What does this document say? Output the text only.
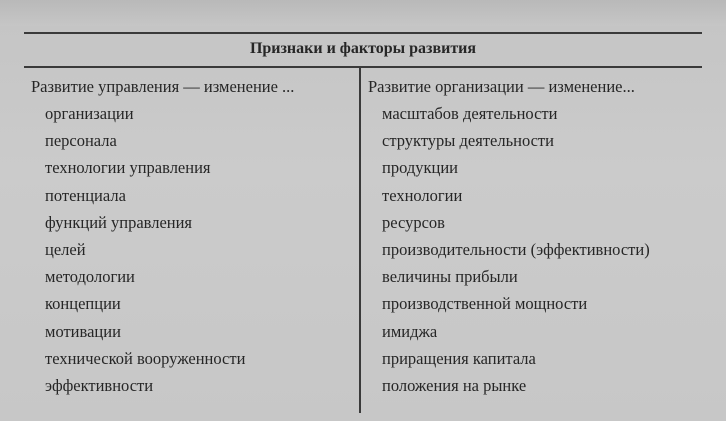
Признаки и факторы развития
Развитие управления — изменение ...
организации
персонала
технологии управления
потенциала
функций управления
целей
методологии
концепции
мотивации
технической вооруженности
эффективности
Развитие организации — изменение...
масштабов деятельности
структуры деятельности
продукции
технологии
ресурсов
производительности (эффективности)
величины прибыли
производственной мощности
имиджа
приращения капитала
положения на рынке
